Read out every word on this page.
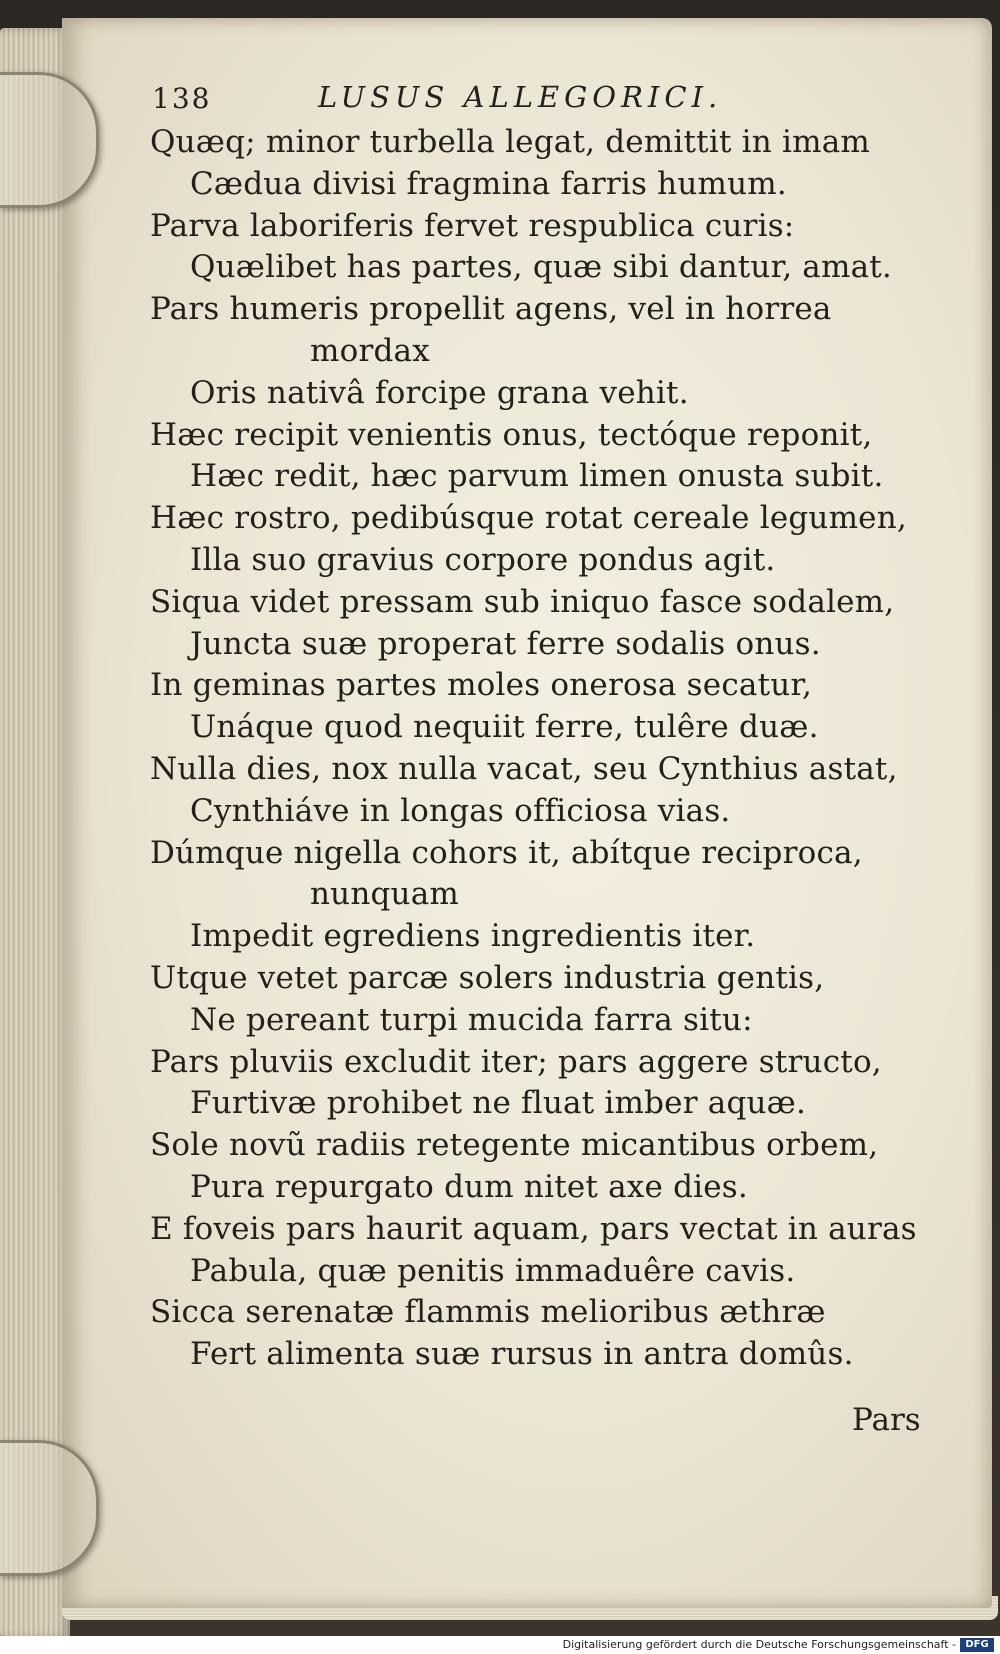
138	LUSUS ALLEGORICI.
Quæq; minor turbella legat, demittit in imam
Cædua divisi fragmina farris humum.
Parva laboriferis fervet respublica curis:
Quælibet has partes, quæ sibi dantur, amat.
Pars humeris propellit agens, vel in horrea
mordax
Oris nativâ forcipe grana vehit.
Hæc recipit venientis onus, tectóque reponit,
Hæc redit, hæc parvum limen onusta subit.
Hæc rostro, pedibúsque rotat cereale legumen,
Illa suo gravius corpore pondus agit.
Siqua videt pressam sub iniquo fasce sodalem,
Juncta suæ properat ferre sodalis onus.
In geminas partes moles onerosa secatur,
Unáque quod nequiit ferre, tulêre duæ.
Nulla dies, nox nulla vacat, seu Cynthius astat,
Cynthiáve in longas officiosa vias.
Dúmque nigella cohors it, abítque reciproca,
nunquam
Impedit egrediens ingredientis iter.
Utque vetet parcæ solers industria gentis,
Ne pereant turpi mucida farra situ:
Pars pluviis excludit iter; pars aggere structo,
Furtivæ prohibet ne fluat imber aquæ.
Sole novũ radiis retegente micantibus orbem,
Pura repurgato dum nitet axe dies.
E foveis pars haurit aquam, pars vectat in auras
Pabula, quæ penitis immaduêre cavis.
Sicca serenatæ flammis melioribus æthræ
Fert alimenta suæ rursus in antra domûs.
Pars
Digitalisierung gefördert durch die Deutsche Forschungsgemeinschaft - DFG
